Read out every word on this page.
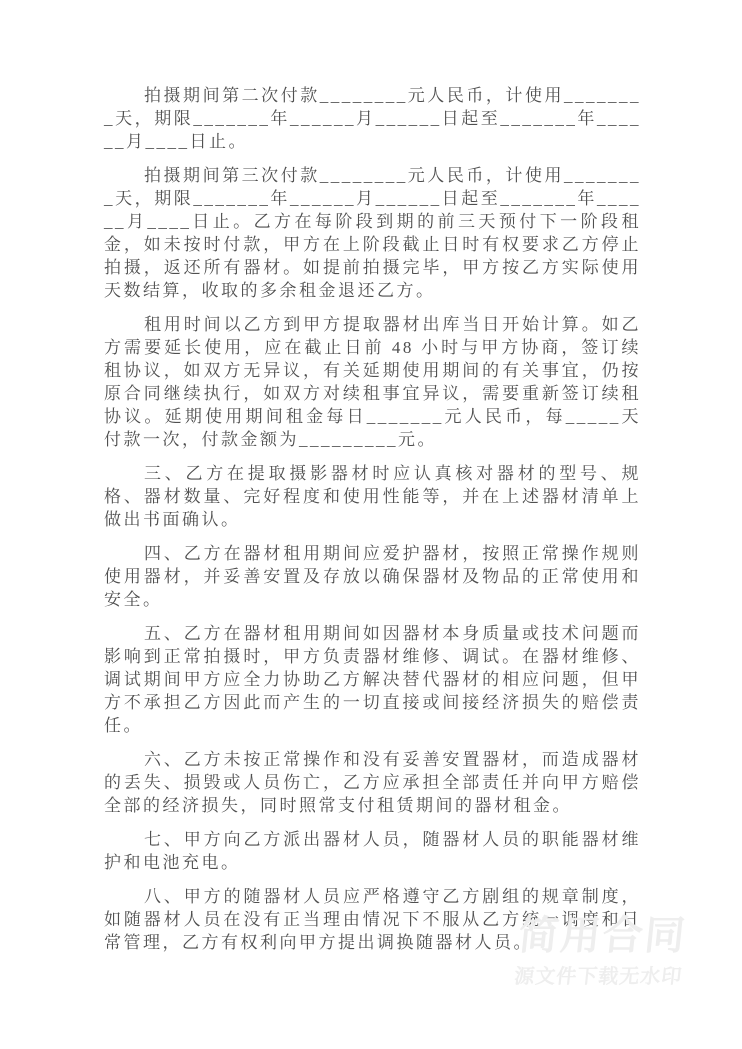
拍摄期间第二次付款________元人民币，计使用________天，期限_______年______月______日起至_______年______月____日止。

拍摄期间第三次付款________元人民币，计使用________天，期限_______年______月______日起至_______年______月____日止。乙方在每阶段到期的前三天预付下一阶段租金，如未按时付款，甲方在上阶段截止日时有权要求乙方停止拍摄，返还所有器材。如提前拍摄完毕，甲方按乙方实际使用天数结算，收取的多余租金退还乙方。

租用时间以乙方到甲方提取器材出库当日开始计算。如乙方需要延长使用，应在截止日前 48 小时与甲方协商，签订续租协议，如双方无异议，有关延期使用期间的有关事宜，仍按原合同继续执行，如双方对续租事宜异议，需要重新签订续租协议。延期使用期间租金每日_______元人民币，每_____天付款一次，付款金额为_________元。

三、乙方在提取摄影器材时应认真核对器材的型号、规格、器材数量、完好程度和使用性能等，并在上述器材清单上做出书面确认。

四、乙方在器材租用期间应爱护器材，按照正常操作规则使用器材，并妥善安置及存放以确保器材及物品的正常使用和安全。

五、乙方在器材租用期间如因器材本身质量或技术问题而影响到正常拍摄时，甲方负责器材维修、调试。在器材维修、调试期间甲方应全力协助乙方解决替代器材的相应问题，但甲方不承担乙方因此而产生的一切直接或间接经济损失的赔偿责任。

六、乙方未按正常操作和没有妥善安置器材，而造成器材的丢失、损毁或人员伤亡，乙方应承担全部责任并向甲方赔偿全部的经济损失，同时照常支付租赁期间的器材租金。

七、甲方向乙方派出器材人员，随器材人员的职能器材维护和电池充电。

八、甲方的随器材人员应严格遵守乙方剧组的规章制度，如随器材人员在没有正当理由情况下不服从乙方统一调度和日常管理，乙方有权利向甲方提出调换随器材人员。

简用合同
源文件下载无水印
